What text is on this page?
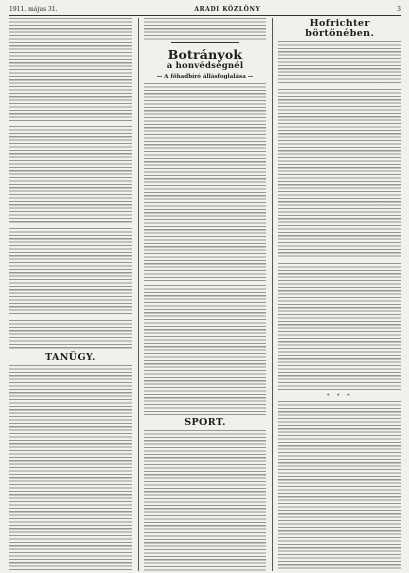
1911. május 31.	ARADI KÖZLÖNY	3
TANÜGY.
Botrányok
a honvédségnél
— A főhadbíró állásfoglalása —
SPORT.
Hofrichter börtönében.
* * *
